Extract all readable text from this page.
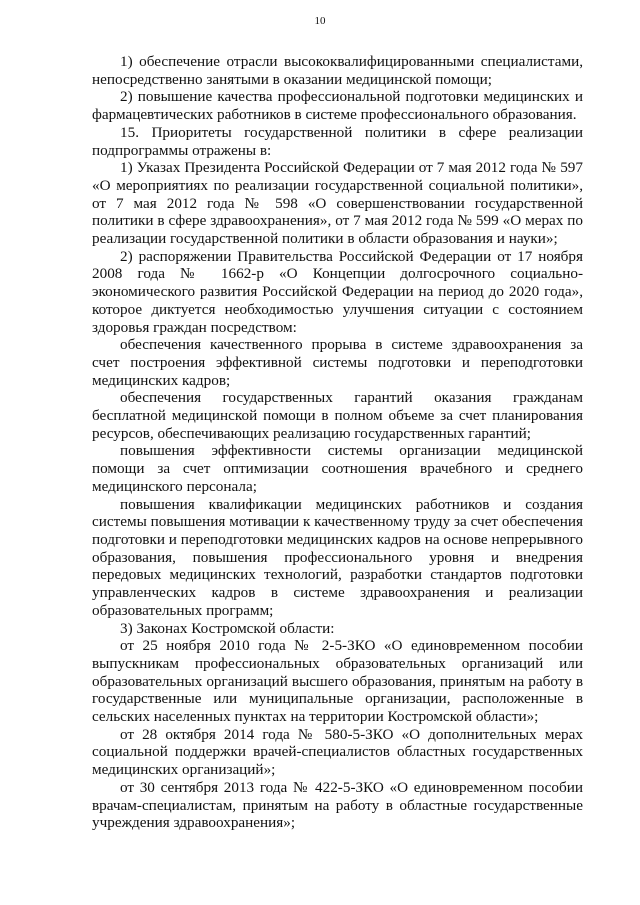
10

1) обеспечение отрасли высококвалифицированными специалистами, непосредственно занятыми в оказании медицинской помощи;

2) повышение качества профессиональной подготовки медицинских и фармацевтических работников в системе профессионального образования.

15. Приоритеты государственной политики в сфере реализации подпрограммы отражены в:

1) Указах Президента Российской Федерации от 7 мая 2012 года № 597 «О мероприятиях по реализации государственной социальной политики», от 7 мая 2012 года № 598 «О совершенствовании государственной политики в сфере здравоохранения», от 7 мая 2012 года № 599 «О мерах по реализации государственной политики в области образования и науки»;

2) распоряжении Правительства Российской Федерации от 17 ноября 2008 года № 1662-р «О Концепции долгосрочного социально-экономического развития Российской Федерации на период до 2020 года», которое диктуется необходимостью улучшения ситуации с состоянием здоровья граждан посредством:

обеспечения качественного прорыва в системе здравоохранения за счет построения эффективной системы подготовки и переподготовки медицинских кадров;

обеспечения государственных гарантий оказания гражданам бесплатной медицинской помощи в полном объеме за счет планирования ресурсов, обеспечивающих реализацию государственных гарантий;

повышения эффективности системы организации медицинской помощи за счет оптимизации соотношения врачебного и среднего медицинского персонала;

повышения квалификации медицинских работников и создания системы повышения мотивации к качественному труду за счет обеспечения подготовки и переподготовки медицинских кадров на основе непрерывного образования, повышения профессионального уровня и внедрения передовых медицинских технологий, разработки стандартов подготовки управленческих кадров в системе здравоохранения и реализации образовательных программ;

3) Законах Костромской области:

от 25 ноября 2010 года № 2-5-ЗКО «О единовременном пособии выпускникам профессиональных образовательных организаций или образовательных организаций высшего образования, принятым на работу в государственные или муниципальные организации, расположенные в сельских населенных пунктах на территории Костромской области»;

от 28 октября 2014 года № 580-5-ЗКО «О дополнительных мерах социальной поддержки врачей-специалистов областных государственных медицинских организаций»;

от 30 сентября 2013 года № 422-5-ЗКО «О единовременном пособии врачам-специалистам, принятым на работу в областные государственные учреждения здравоохранения»;
